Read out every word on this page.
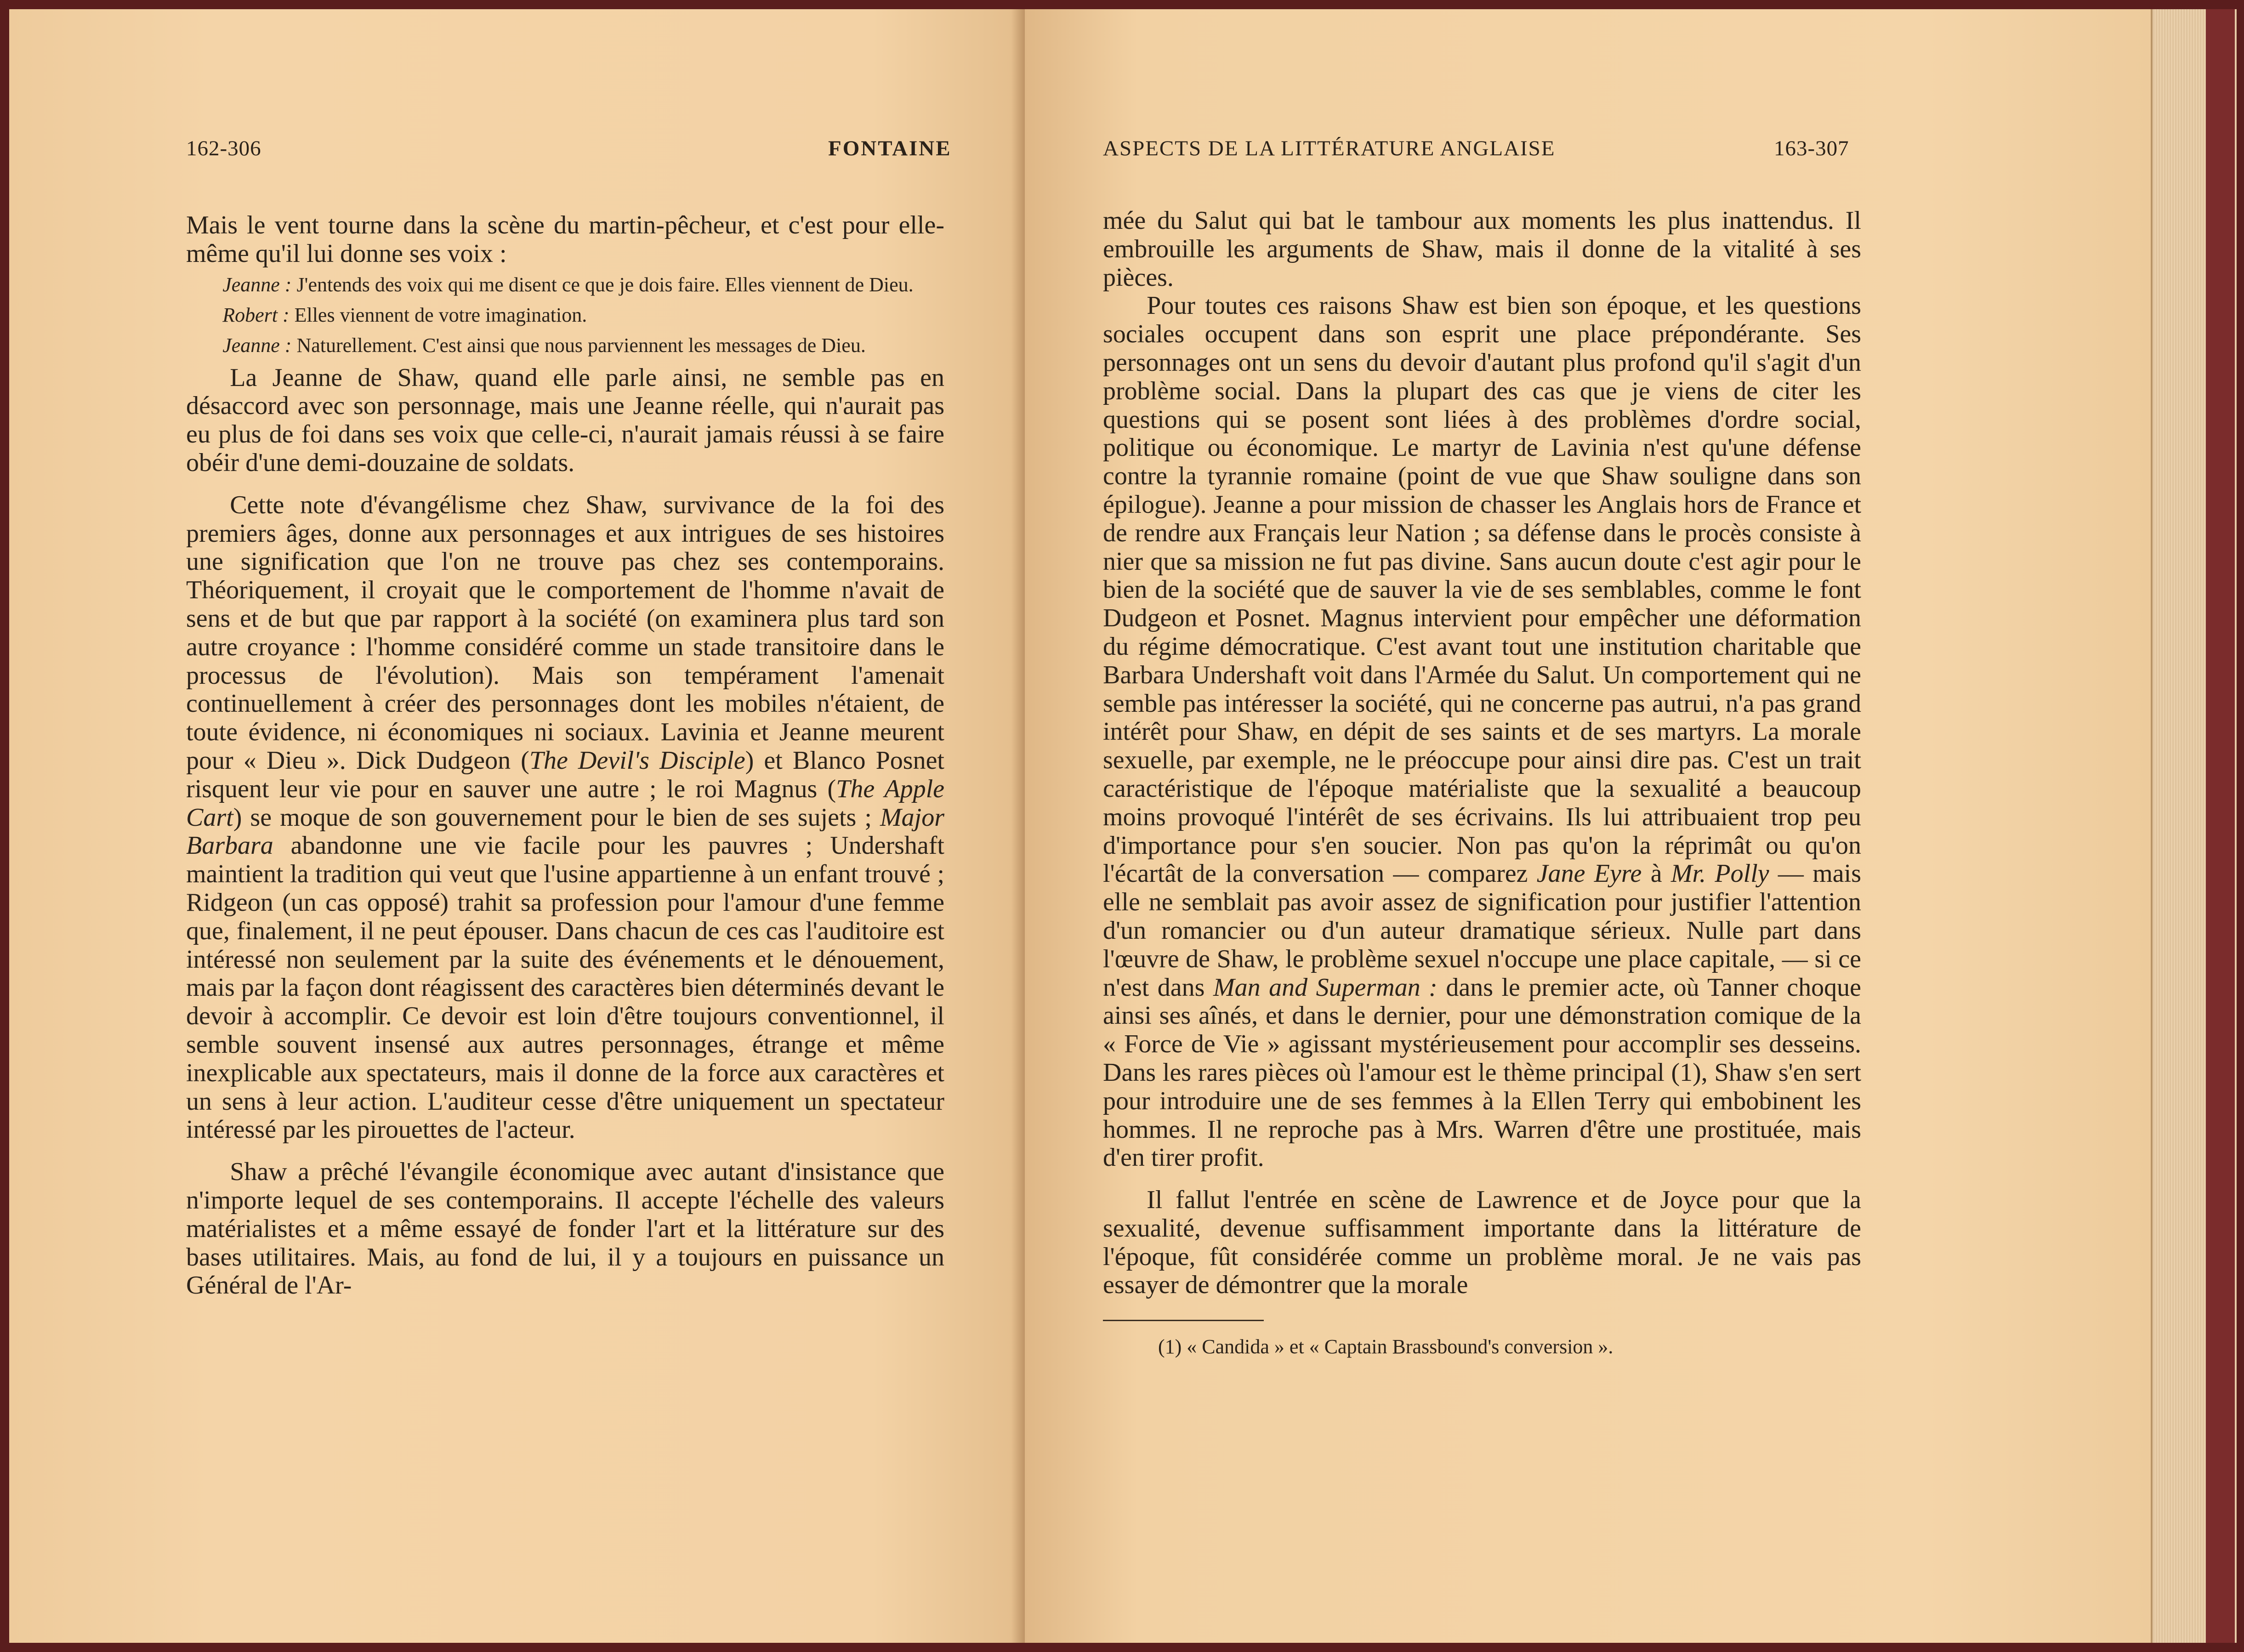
162-306	FONTAINE

Mais le vent tourne dans la scène du martin-pêcheur, et c'est pour elle-même qu'il lui donne ses voix :

Jeanne : J'entends des voix qui me disent ce que je dois faire. Elles viennent de Dieu.

Robert : Elles viennent de votre imagination.

Jeanne : Naturellement. C'est ainsi que nous parviennent les messages de Dieu.

La Jeanne de Shaw, quand elle parle ainsi, ne semble pas en désaccord avec son personnage, mais une Jeanne réelle, qui n'aurait pas eu plus de foi dans ses voix que celle-ci, n'aurait jamais réussi à se faire obéir d'une demi-douzaine de soldats.

Cette note d'évangélisme chez Shaw, survivance de la foi des premiers âges, donne aux personnages et aux intrigues de ses histoires une signification que l'on ne trouve pas chez ses contemporains. Théoriquement, il croyait que le comportement de l'homme n'avait de sens et de but que par rapport à la société (on examinera plus tard son autre croyance : l'homme considéré comme un stade transitoire dans le processus de l'évolution). Mais son tempérament l'amenait continuellement à créer des personnages dont les mobiles n'étaient, de toute évidence, ni économiques ni sociaux. Lavinia et Jeanne meurent pour « Dieu ». Dick Dudgeon (The Devil's Disciple) et Blanco Posnet risquent leur vie pour en sauver une autre ; le roi Magnus (The Apple Cart) se moque de son gouvernement pour le bien de ses sujets ; Major Barbara abandonne une vie facile pour les pauvres ; Undershaft maintient la tradition qui veut que l'usine appartienne à un enfant trouvé ; Ridgeon (un cas opposé) trahit sa profession pour l'amour d'une femme que, finalement, il ne peut épouser. Dans chacun de ces cas l'auditoire est intéressé non seulement par la suite des événements et le dénouement, mais par la façon dont réagissent des caractères bien déterminés devant le devoir à accomplir. Ce devoir est loin d'être toujours conventionnel, il semble souvent insensé aux autres personnages, étrange et même inexplicable aux spectateurs, mais il donne de la force aux caractères et un sens à leur action. L'auditeur cesse d'être uniquement un spectateur intéressé par les pirouettes de l'acteur.

Shaw a prêché l'évangile économique avec autant d'insistance que n'importe lequel de ses contemporains. Il accepte l'échelle des valeurs matérialistes et a même essayé de fonder l'art et la littérature sur des bases utilitaires. Mais, au fond de lui, il y a toujours en puissance un Général de l'Ar-

ASPECTS DE LA LITTÉRATURE ANGLAISE	163-307

mée du Salut qui bat le tambour aux moments les plus inattendus. Il embrouille les arguments de Shaw, mais il donne de la vitalité à ses pièces.

Pour toutes ces raisons Shaw est bien son époque, et les questions sociales occupent dans son esprit une place prépondérante. Ses personnages ont un sens du devoir d'autant plus profond qu'il s'agit d'un problème social. Dans la plupart des cas que je viens de citer les questions qui se posent sont liées à des problèmes d'ordre social, politique ou économique. Le martyr de Lavinia n'est qu'une défense contre la tyrannie romaine (point de vue que Shaw souligne dans son épilogue). Jeanne a pour mission de chasser les Anglais hors de France et de rendre aux Français leur Nation ; sa défense dans le procès consiste à nier que sa mission ne fut pas divine. Sans aucun doute c'est agir pour le bien de la société que de sauver la vie de ses semblables, comme le font Dudgeon et Posnet. Magnus intervient pour empêcher une déformation du régime démocratique. C'est avant tout une institution charitable que Barbara Undershaft voit dans l'Armée du Salut. Un comportement qui ne semble pas intéresser la société, qui ne concerne pas autrui, n'a pas grand intérêt pour Shaw, en dépit de ses saints et de ses martyrs. La morale sexuelle, par exemple, ne le préoccupe pour ainsi dire pas. C'est un trait caractéristique de l'époque matérialiste que la sexualité a beaucoup moins provoqué l'intérêt de ses écrivains. Ils lui attribuaient trop peu d'importance pour s'en soucier. Non pas qu'on la réprimât ou qu'on l'écartât de la conversation — comparez Jane Eyre à Mr. Polly — mais elle ne semblait pas avoir assez de signification pour justifier l'attention d'un romancier ou d'un auteur dramatique sérieux. Nulle part dans l'œuvre de Shaw, le problème sexuel n'occupe une place capitale, — si ce n'est dans Man and Superman : dans le premier acte, où Tanner choque ainsi ses aînés, et dans le dernier, pour une démonstration comique de la « Force de Vie » agissant mystérieusement pour accomplir ses desseins. Dans les rares pièces où l'amour est le thème principal (1), Shaw s'en sert pour introduire une de ses femmes à la Ellen Terry qui embobinent les hommes. Il ne reproche pas à Mrs. Warren d'être une prostituée, mais d'en tirer profit.

Il fallut l'entrée en scène de Lawrence et de Joyce pour que la sexualité, devenue suffisamment importante dans la littérature de l'époque, fût considérée comme un problème moral. Je ne vais pas essayer de démontrer que la morale

(1) « Candida » et « Captain Brassbound's conversion ».
